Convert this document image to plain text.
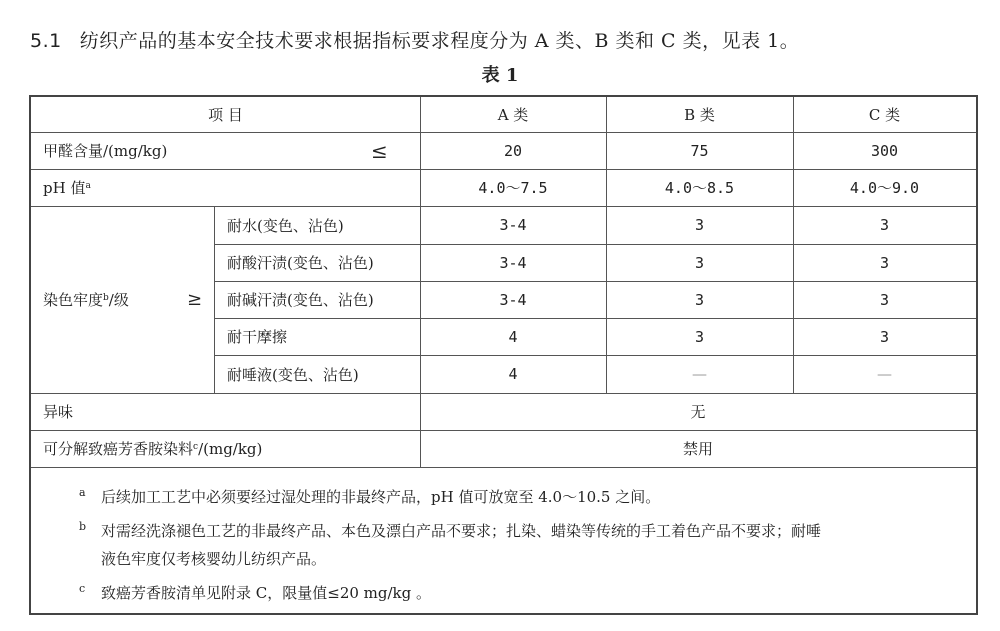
5.1 纺织产品的基本安全技术要求根据指标要求程度分为 A 类、B 类和 C 类，见表 1。
表 1
项 目	A 类	B 类	C 类
甲醛含量/(mg/kg)	≤	20	75	300
pH 值$^a$	4.0～7.5	4.0～8.5	4.0～9.0
染色牢度$^b$ /级	≥
耐水(变色、沾色)	3-4	3	3
耐酸汗渍(变色、沾色)	3-4	3	3
耐碱汗渍(变色、沾色)	3-4	3	3
耐干摩擦	4	3	3
耐唾液(变色、沾色)	4	—	—
异味	无
可分解致癌芳香胺染料$^c$ /(mg/kg)	禁用
a	后续加工工艺中必须要经过湿处理的非最终产品，pH 值可放宽至 4.0～10.5 之间。
b 对需经洗涤褪色工艺的非最终产品、本色及漂白产品不要求；扎染、蜡染等传统的手工着色产品不要求；耐唾
液色牢度仅考核婴幼儿纺织产品。
c	致癌芳香胺清单见附录 C，限量值≤20 mg/kg 。
